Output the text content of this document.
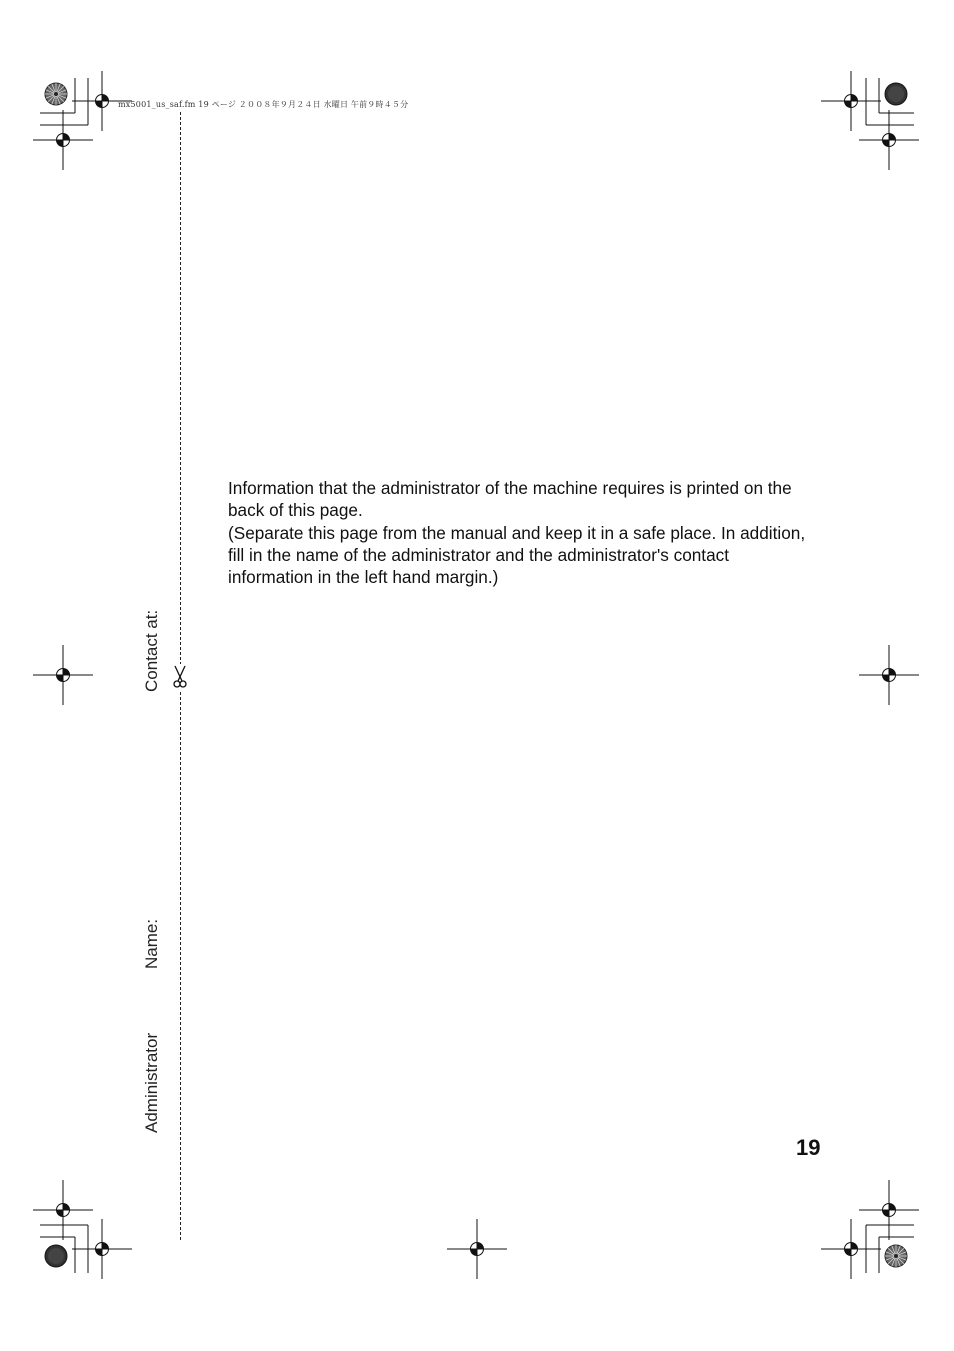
mx5001_us_saf.fm 19 ページ ２００８年９月２４日 水曜日 午前９時４５分
Contact at:
Name:
Administrator

Information that the administrator of the machine requires is printed on the back of this page.

(Separate this page from the manual and keep it in a safe place. In addition, fill in the name of the administrator and the administrator's contact information in the left hand margin.)

19
